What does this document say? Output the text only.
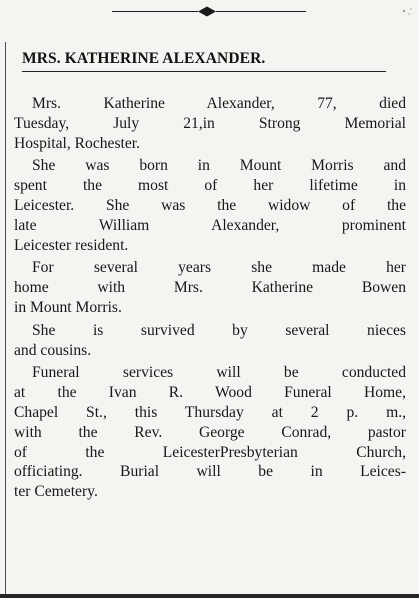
MRS. KATHERINE ALEXANDER.
Mrs. Katherine Alexander, 77, died
Tuesday, July 21,in Strong Memorial
Hospital, Rochester.
She was born in Mount Morris and
spent the most of her lifetime in
Leicester. She was the widow of the
late William Alexander, prominent
Leicester resident.
For several years she made her
home with Mrs. Katherine Bowen
in Mount Morris.
She is survived by several nieces
and cousins.
Funeral services will be conducted
at the Ivan R. Wood Funeral Home,
Chapel St., this Thursday at 2 p. m.,
with the Rev. George Conrad, pastor
of the LeicesterPresbyterian Church,
officiating. Burial will be in Leices-
ter Cemetery.
